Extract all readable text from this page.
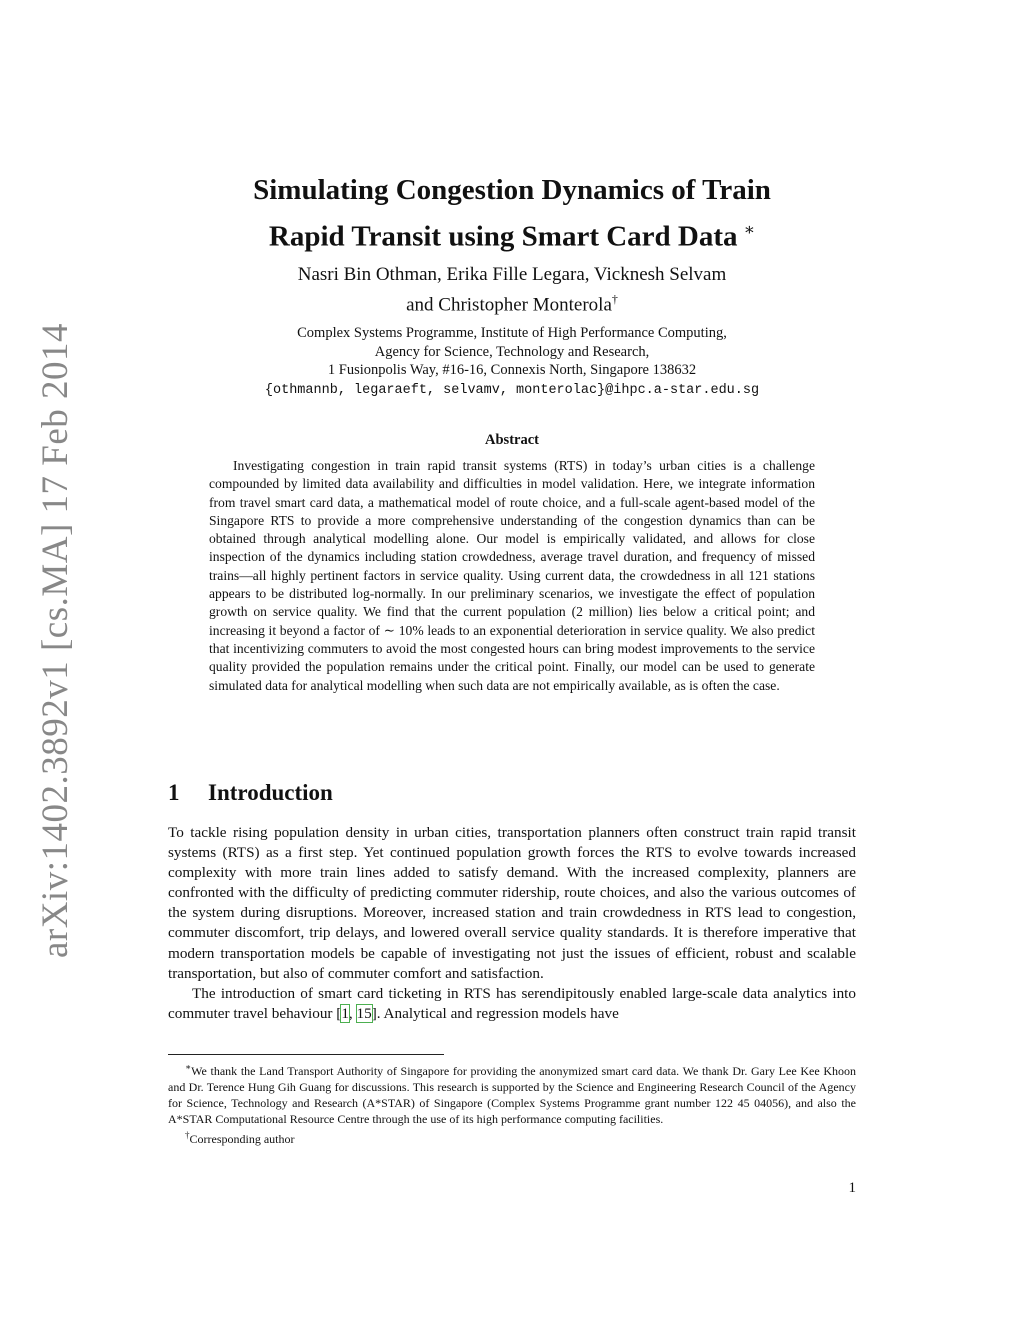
arXiv:1402.3892v1 [cs.MA] 17 Feb 2014
Simulating Congestion Dynamics of Train
Rapid Transit using Smart Card Data ∗
Nasri Bin Othman, Erika Fille Legara, Vicknesh Selvam
and Christopher Monterola†
Complex Systems Programme, Institute of High Performance Computing,
Agency for Science, Technology and Research,
1 Fusionpolis Way, #16-16, Connexis North, Singapore 138632
{othmannb, legaraeft, selvamv, monterolac}@ihpc.a-star.edu.sg
Abstract

Investigating congestion in train rapid transit systems (RTS) in today’s urban cities is a challenge compounded by limited data availability and difficulties in model validation. Here, we integrate information from travel smart card data, a mathematical model of route choice, and a full-scale agent-based model of the Singapore RTS to provide a more comprehensive understanding of the congestion dynamics than can be obtained through analytical modelling alone. Our model is empirically validated, and allows for close inspection of the dynamics including station crowdedness, average travel duration, and frequency of missed trains—all highly pertinent factors in service quality. Using current data, the crowdedness in all 121 stations appears to be distributed log-normally. In our preliminary scenarios, we investigate the effect of population growth on service quality. We find that the current population (2 million) lies below a critical point; and increasing it beyond a factor of ∼ 10% leads to an exponential deterioration in service quality. We also predict that incentivizing commuters to avoid the most congested hours can bring modest improvements to the service quality provided the population remains under the critical point. Finally, our model can be used to generate simulated data for analytical modelling when such data are not empirically available, as is often the case.

1 Introduction

To tackle rising population density in urban cities, transportation planners often construct train rapid transit systems (RTS) as a first step. Yet continued population growth forces the RTS to evolve towards increased complexity with more train lines added to satisfy demand. With the increased complexity, planners are confronted with the difficulty of predicting commuter ridership, route choices, and also the various outcomes of the system during disruptions. Moreover, increased station and train crowdedness in RTS lead to congestion, commuter discomfort, trip delays, and lowered overall service quality standards. It is therefore imperative that modern transportation models be capable of investigating not just the issues of efficient, robust and scalable transportation, but also of commuter comfort and satisfaction.

The introduction of smart card ticketing in RTS has serendipitously enabled large-scale data analytics into commuter travel behaviour [1, 15]. Analytical and regression models have

∗We thank the Land Transport Authority of Singapore for providing the anonymized smart card data. We thank Dr. Gary Lee Kee Khoon and Dr. Terence Hung Gih Guang for discussions. This research is supported by the Science and Engineering Research Council of the Agency for Science, Technology and Research (A*STAR) of Singapore (Complex Systems Programme grant number 122 45 04056), and also the A*STAR Computational Resource Centre through the use of its high performance computing facilities.

†Corresponding author

1
